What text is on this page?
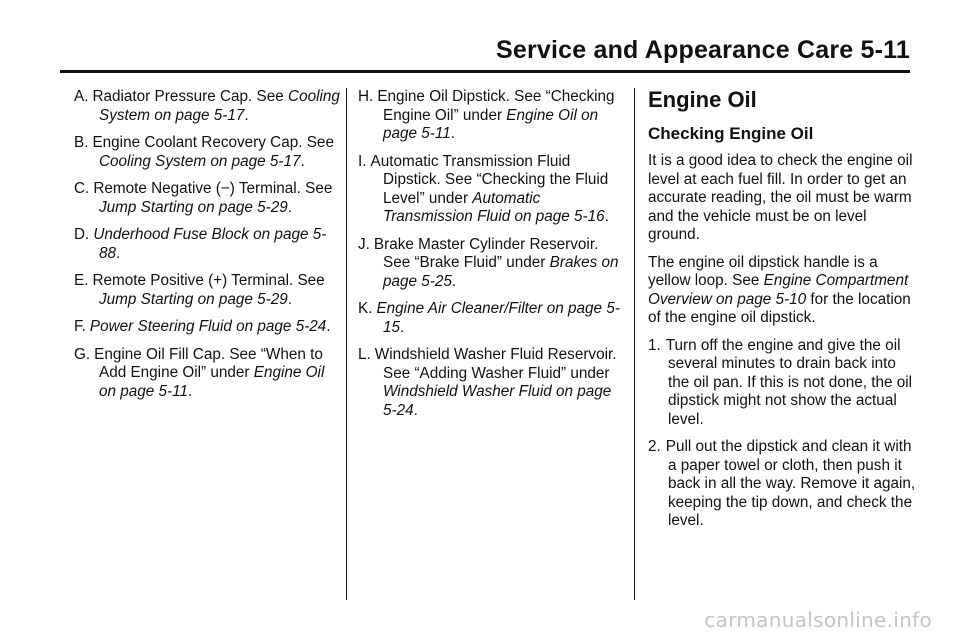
Service and Appearance Care 5-11
A. Radiator Pressure Cap. See Cooling System on page 5-17.
B. Engine Coolant Recovery Cap. See Cooling System on page 5-17.
C. Remote Negative (−) Terminal. See Jump Starting on page 5-29.
D. Underhood Fuse Block on page 5-88.
E. Remote Positive (+) Terminal. See Jump Starting on page 5-29.
F. Power Steering Fluid on page 5-24.
G. Engine Oil Fill Cap. See “When to Add Engine Oil” under Engine Oil on page 5-11.
H. Engine Oil Dipstick. See “Checking Engine Oil” under Engine Oil on page 5-11.
I. Automatic Transmission Fluid Dipstick. See “Checking the Fluid Level” under Automatic Transmission Fluid on page 5-16.
J. Brake Master Cylinder Reservoir. See “Brake Fluid” under Brakes on page 5-25.
K. Engine Air Cleaner/Filter on page 5-15.
L. Windshield Washer Fluid Reservoir. See “Adding Washer Fluid” under Windshield Washer Fluid on page 5-24.
Engine Oil
Checking Engine Oil
It is a good idea to check the engine oil level at each fuel fill. In order to get an accurate reading, the oil must be warm and the vehicle must be on level ground.
The engine oil dipstick handle is a yellow loop. See Engine Compartment Overview on page 5-10 for the location of the engine oil dipstick.
1. Turn off the engine and give the oil several minutes to drain back into the oil pan. If this is not done, the oil dipstick might not show the actual level.
2. Pull out the dipstick and clean it with a paper towel or cloth, then push it back in all the way. Remove it again, keeping the tip down, and check the level.
carmanualsonline.info
